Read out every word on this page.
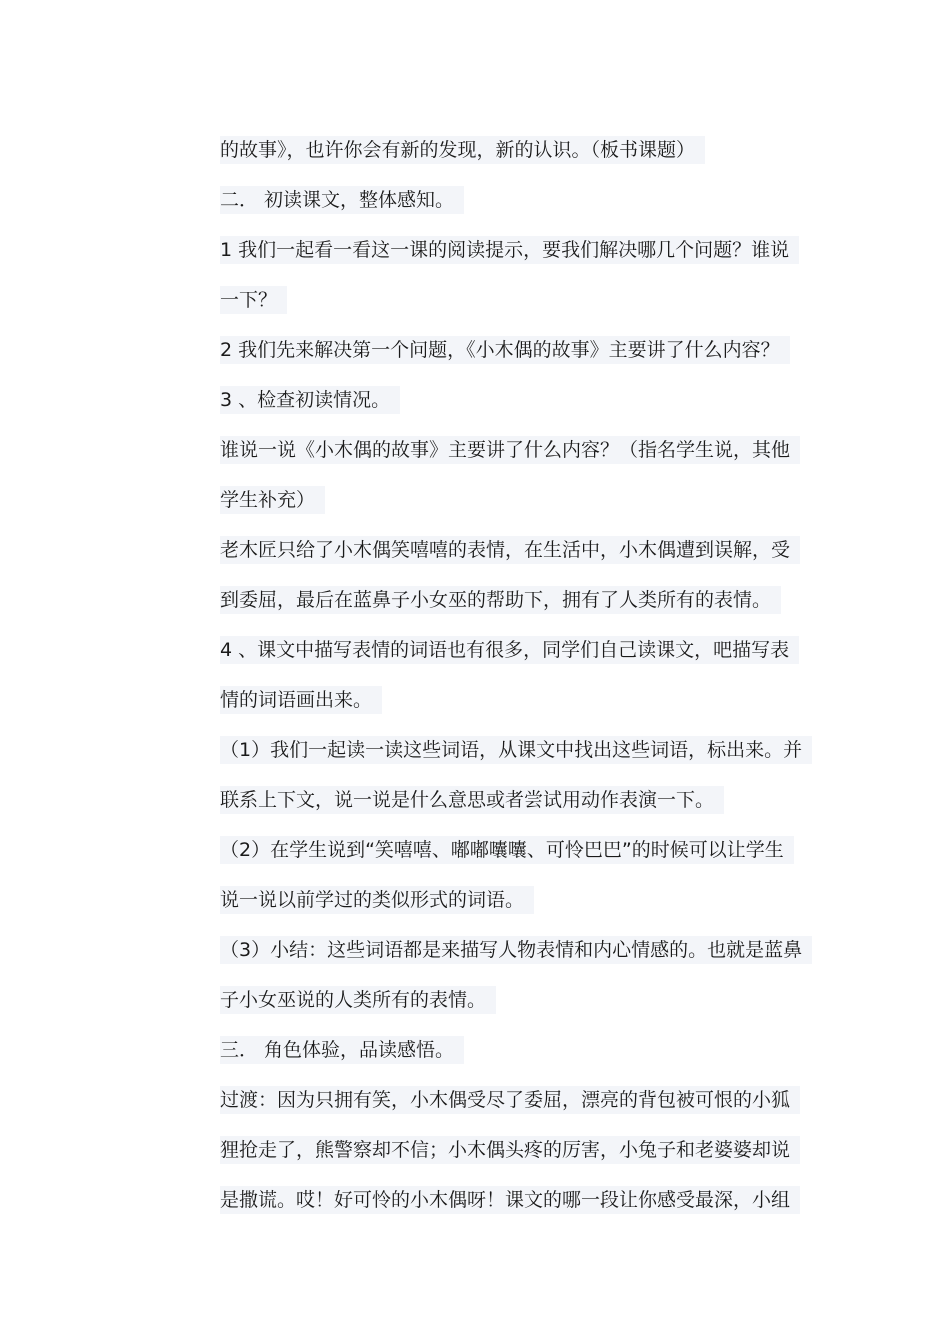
的故事》，也许你会有新的发现，新的认识。（板书课题）
二． 初读课文，整体感知。
1 我们一起看一看这一课的阅读提示，要我们解决哪几个问题？谁说
一下？
2 我们先来解决第一个问题，《小木偶的故事》主要讲了什么内容？
3 、检查初读情况。
谁说一说《小木偶的故事》主要讲了什么内容？（指名学生说，其他
学生补充）
老木匠只给了小木偶笑嘻嘻的表情，在生活中，小木偶遭到误解，受
到委屈，最后在蓝鼻子小女巫的帮助下，拥有了人类所有的表情。
4 、课文中描写表情的词语也有很多，同学们自己读课文，吧描写表
情的词语画出来。
（1）我们一起读一读这些词语，从课文中找出这些词语，标出来。并
联系上下文，说一说是什么意思或者尝试用动作表演一下。
（2）在学生说到“笑嘻嘻、嘟嘟囔囔、可怜巴巴”的时候可以让学生
说一说以前学过的类似形式的词语。
（3）小结：这些词语都是来描写人物表情和内心情感的。也就是蓝鼻
子小女巫说的人类所有的表情。
三． 角色体验，品读感悟。
过渡：因为只拥有笑，小木偶受尽了委屈，漂亮的背包被可恨的小狐
狸抢走了，熊警察却不信；小木偶头疼的厉害，小兔子和老婆婆却说
是撒谎。哎！好可怜的小木偶呀！课文的哪一段让你感受最深，小组
